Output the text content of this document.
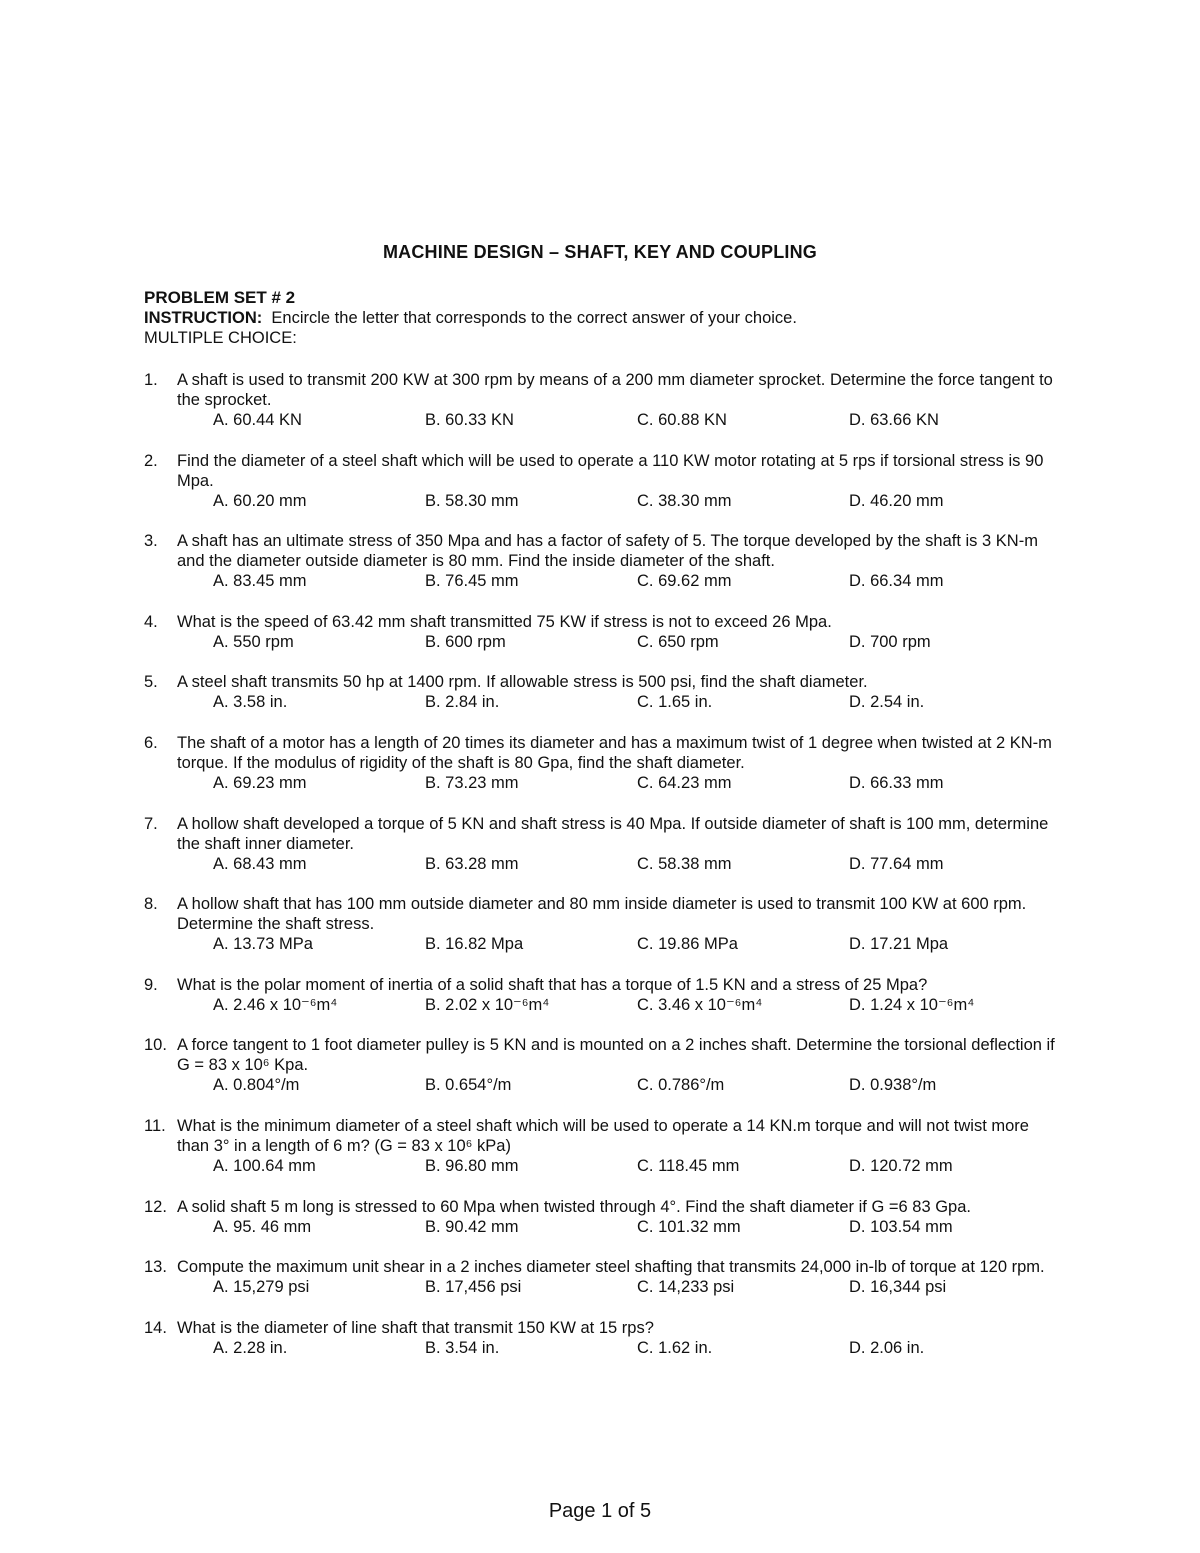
MACHINE DESIGN – SHAFT, KEY AND COUPLING
PROBLEM SET # 2
INSTRUCTION:  Encircle the letter that corresponds to the correct answer of your choice.
MULTIPLE CHOICE:
1. A shaft is used to transmit 200 KW at 300 rpm by means of a 200 mm diameter sprocket. Determine the force tangent to the sprocket.
A. 60.44 KN	B. 60.33 KN	C. 60.88 KN	D. 63.66 KN
2. Find the diameter of a steel shaft which will be used to operate a 110 KW motor rotating at 5 rps if torsional stress is 90 Mpa.
A. 60.20 mm	B. 58.30 mm	C. 38.30 mm	D. 46.20 mm
3. A shaft has an ultimate stress of 350 Mpa and has a factor of safety of 5. The torque developed by the shaft is 3 KN-m and the diameter outside diameter is 80 mm. Find the inside diameter of the shaft.
A. 83.45 mm	B. 76.45 mm	C. 69.62 mm	D. 66.34 mm
4. What is the speed of 63.42 mm shaft transmitted 75 KW if stress is not to exceed 26 Mpa.
A. 550 rpm	B. 600 rpm	C. 650 rpm	D. 700 rpm
5. A steel shaft transmits 50 hp at 1400 rpm. If allowable stress is 500 psi, find the shaft diameter.
A. 3.58 in.	B. 2.84 in.	C. 1.65 in.	D. 2.54 in.
6. The shaft of a motor has a length of 20 times its diameter and has a maximum twist of 1 degree when twisted at 2 KN-m torque. If the modulus of rigidity of the shaft is 80 Gpa, find the shaft diameter.
A. 69.23 mm	B. 73.23 mm	C. 64.23 mm	D. 66.33 mm
7. A hollow shaft developed a torque of 5 KN and shaft stress is 40 Mpa. If outside diameter of shaft is 100 mm, determine the shaft inner diameter.
A. 68.43 mm	B. 63.28 mm	C. 58.38 mm	D. 77.64 mm
8. A hollow shaft that has 100 mm outside diameter and 80 mm inside diameter is used to transmit 100 KW at 600 rpm. Determine the shaft stress.
A. 13.73 MPa	B. 16.82 Mpa	C. 19.86 MPa	D. 17.21 Mpa
9. What is the polar moment of inertia of a solid shaft that has a torque of 1.5 KN and a stress of 25 Mpa?
A. 2.46 x 10⁻⁶m⁴	B. 2.02 x 10⁻⁶m⁴	C. 3.46 x 10⁻⁶m⁴	D. 1.24 x 10⁻⁶m⁴
10. A force tangent to 1 foot diameter pulley is 5 KN and is mounted on a 2 inches shaft. Determine the torsional deflection if G = 83 x 10⁶ Kpa.
A. 0.804°/m	B. 0.654°/m	C. 0.786°/m	D. 0.938°/m
11. What is the minimum diameter of a steel shaft which will be used to operate a 14 KN.m torque and will not twist more than 3° in a length of 6 m? (G = 83 x 10⁶ kPa)
A. 100.64 mm	B. 96.80 mm	C. 118.45 mm	D. 120.72 mm
12. A solid shaft 5 m long is stressed to 60 Mpa when twisted through 4°. Find the shaft diameter if G =6 83 Gpa.
A. 95. 46 mm	B. 90.42 mm	C. 101.32 mm	D. 103.54 mm
13. Compute the maximum unit shear in a 2 inches diameter steel shafting that transmits 24,000 in-lb of torque at 120 rpm.
A. 15,279 psi	B. 17,456 psi	C. 14,233 psi	D. 16,344 psi
14. What is the diameter of line shaft that transmit 150 KW at 15 rps?
A. 2.28 in.	B. 3.54 in.	C. 1.62 in.	D. 2.06 in.
Page 1 of 5
